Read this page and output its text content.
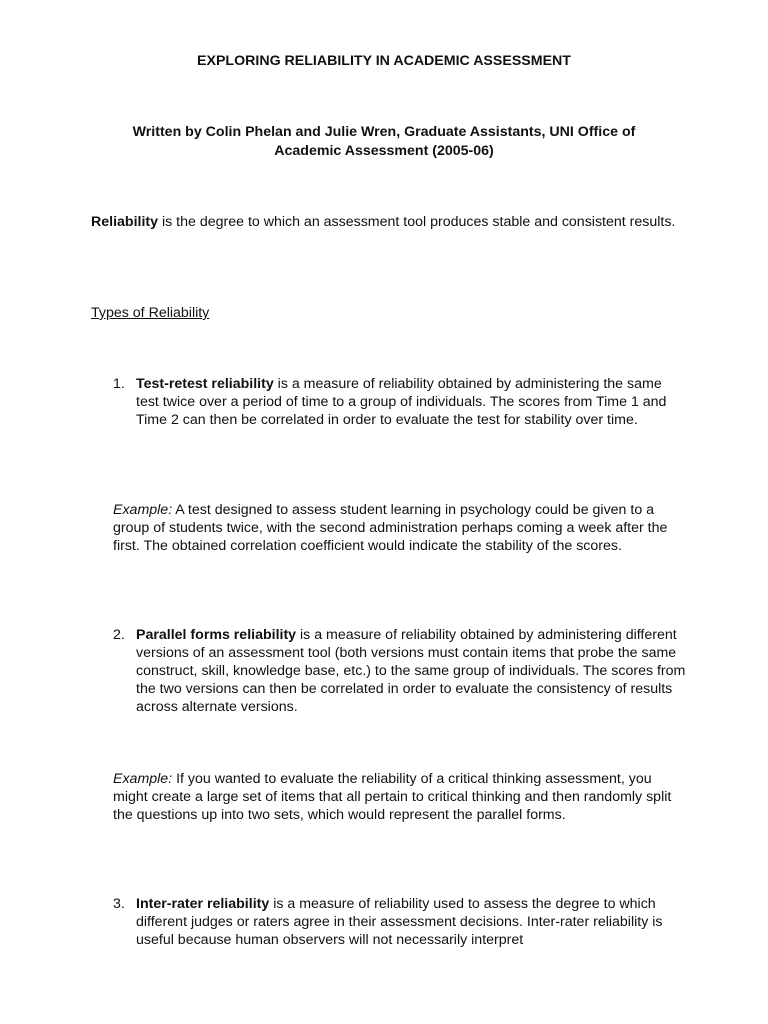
EXPLORING RELIABILITY IN ACADEMIC ASSESSMENT
Written by Colin Phelan and Julie Wren, Graduate Assistants, UNI Office of Academic Assessment (2005-06)
Reliability is the degree to which an assessment tool produces stable and consistent results.
Types of Reliability
1. Test-retest reliability is a measure of reliability obtained by administering the same test twice over a period of time to a group of individuals. The scores from Time 1 and Time 2 can then be correlated in order to evaluate the test for stability over time.
Example: A test designed to assess student learning in psychology could be given to a group of students twice, with the second administration perhaps coming a week after the first. The obtained correlation coefficient would indicate the stability of the scores.
2. Parallel forms reliability is a measure of reliability obtained by administering different versions of an assessment tool (both versions must contain items that probe the same construct, skill, knowledge base, etc.) to the same group of individuals. The scores from the two versions can then be correlated in order to evaluate the consistency of results across alternate versions.
Example: If you wanted to evaluate the reliability of a critical thinking assessment, you might create a large set of items that all pertain to critical thinking and then randomly split the questions up into two sets, which would represent the parallel forms.
3. Inter-rater reliability is a measure of reliability used to assess the degree to which different judges or raters agree in their assessment decisions. Inter-rater reliability is useful because human observers will not necessarily interpret
